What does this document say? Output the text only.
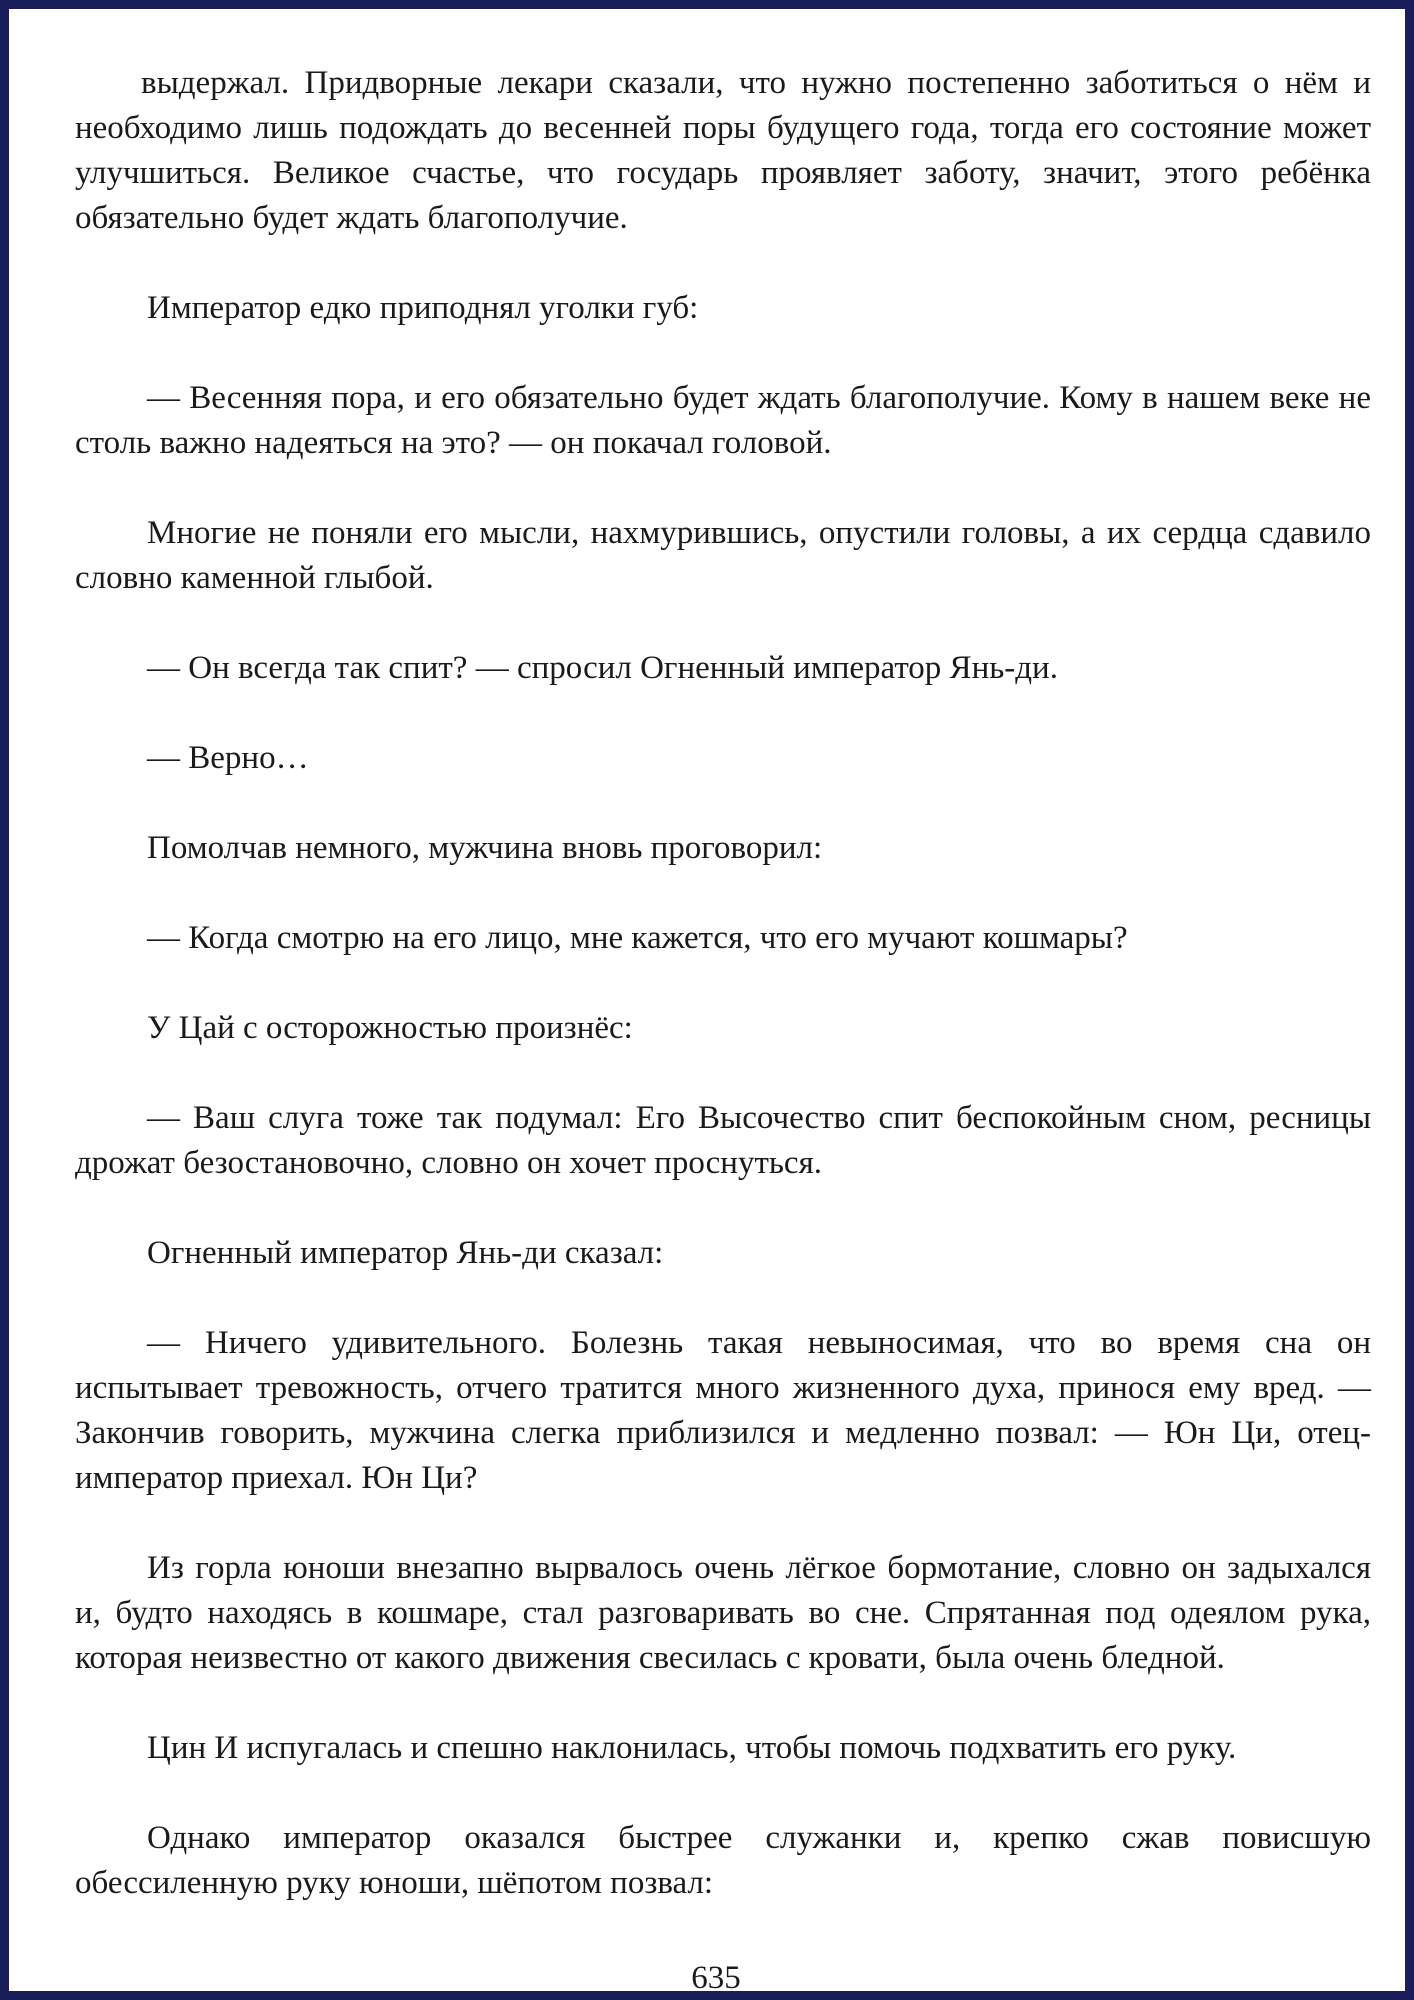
выдержал. Придворные лекари сказали, что нужно постепенно заботиться о нём и необходимо лишь подождать до весенней поры будущего года, тогда его состояние может улучшиться. Великое счастье, что государь проявляет заботу, значит, этого ребёнка обязательно будет ждать благополучие.

Император едко приподнял уголки губ:

— Весенняя пора, и его обязательно будет ждать благополучие. Кому в нашем веке не столь важно надеяться на это? — он покачал головой.

Многие не поняли его мысли, нахмурившись, опустили головы, а их сердца сдавило словно каменной глыбой.

— Он всегда так спит? — спросил Огненный император Янь-ди.

— Верно…

Помолчав немного, мужчина вновь проговорил:

— Когда смотрю на его лицо, мне кажется, что его мучают кошмары?

У Цай с осторожностью произнёс:

— Ваш слуга тоже так подумал: Его Высочество спит беспокойным сном, ресницы дрожат безостановочно, словно он хочет проснуться.

Огненный император Янь-ди сказал:

— Ничего удивительного. Болезнь такая невыносимая, что во время сна он испытывает тревожность, отчего тратится много жизненного духа, принося ему вред. — Закончив говорить, мужчина слегка приблизился и медленно позвал: — Юн Ци, отец-император приехал. Юн Ци?

Из горла юноши внезапно вырвалось очень лёгкое бормотание, словно он задыхался и, будто находясь в кошмаре, стал разговаривать во сне. Спрятанная под одеялом рука, которая неизвестно от какого движения свесилась с кровати, была очень бледной.

Цин И испугалась и спешно наклонилась, чтобы помочь подхватить его руку.

Однако император оказался быстрее служанки и, крепко сжав повисшую обессиленную руку юноши, шёпотом позвал:

635
